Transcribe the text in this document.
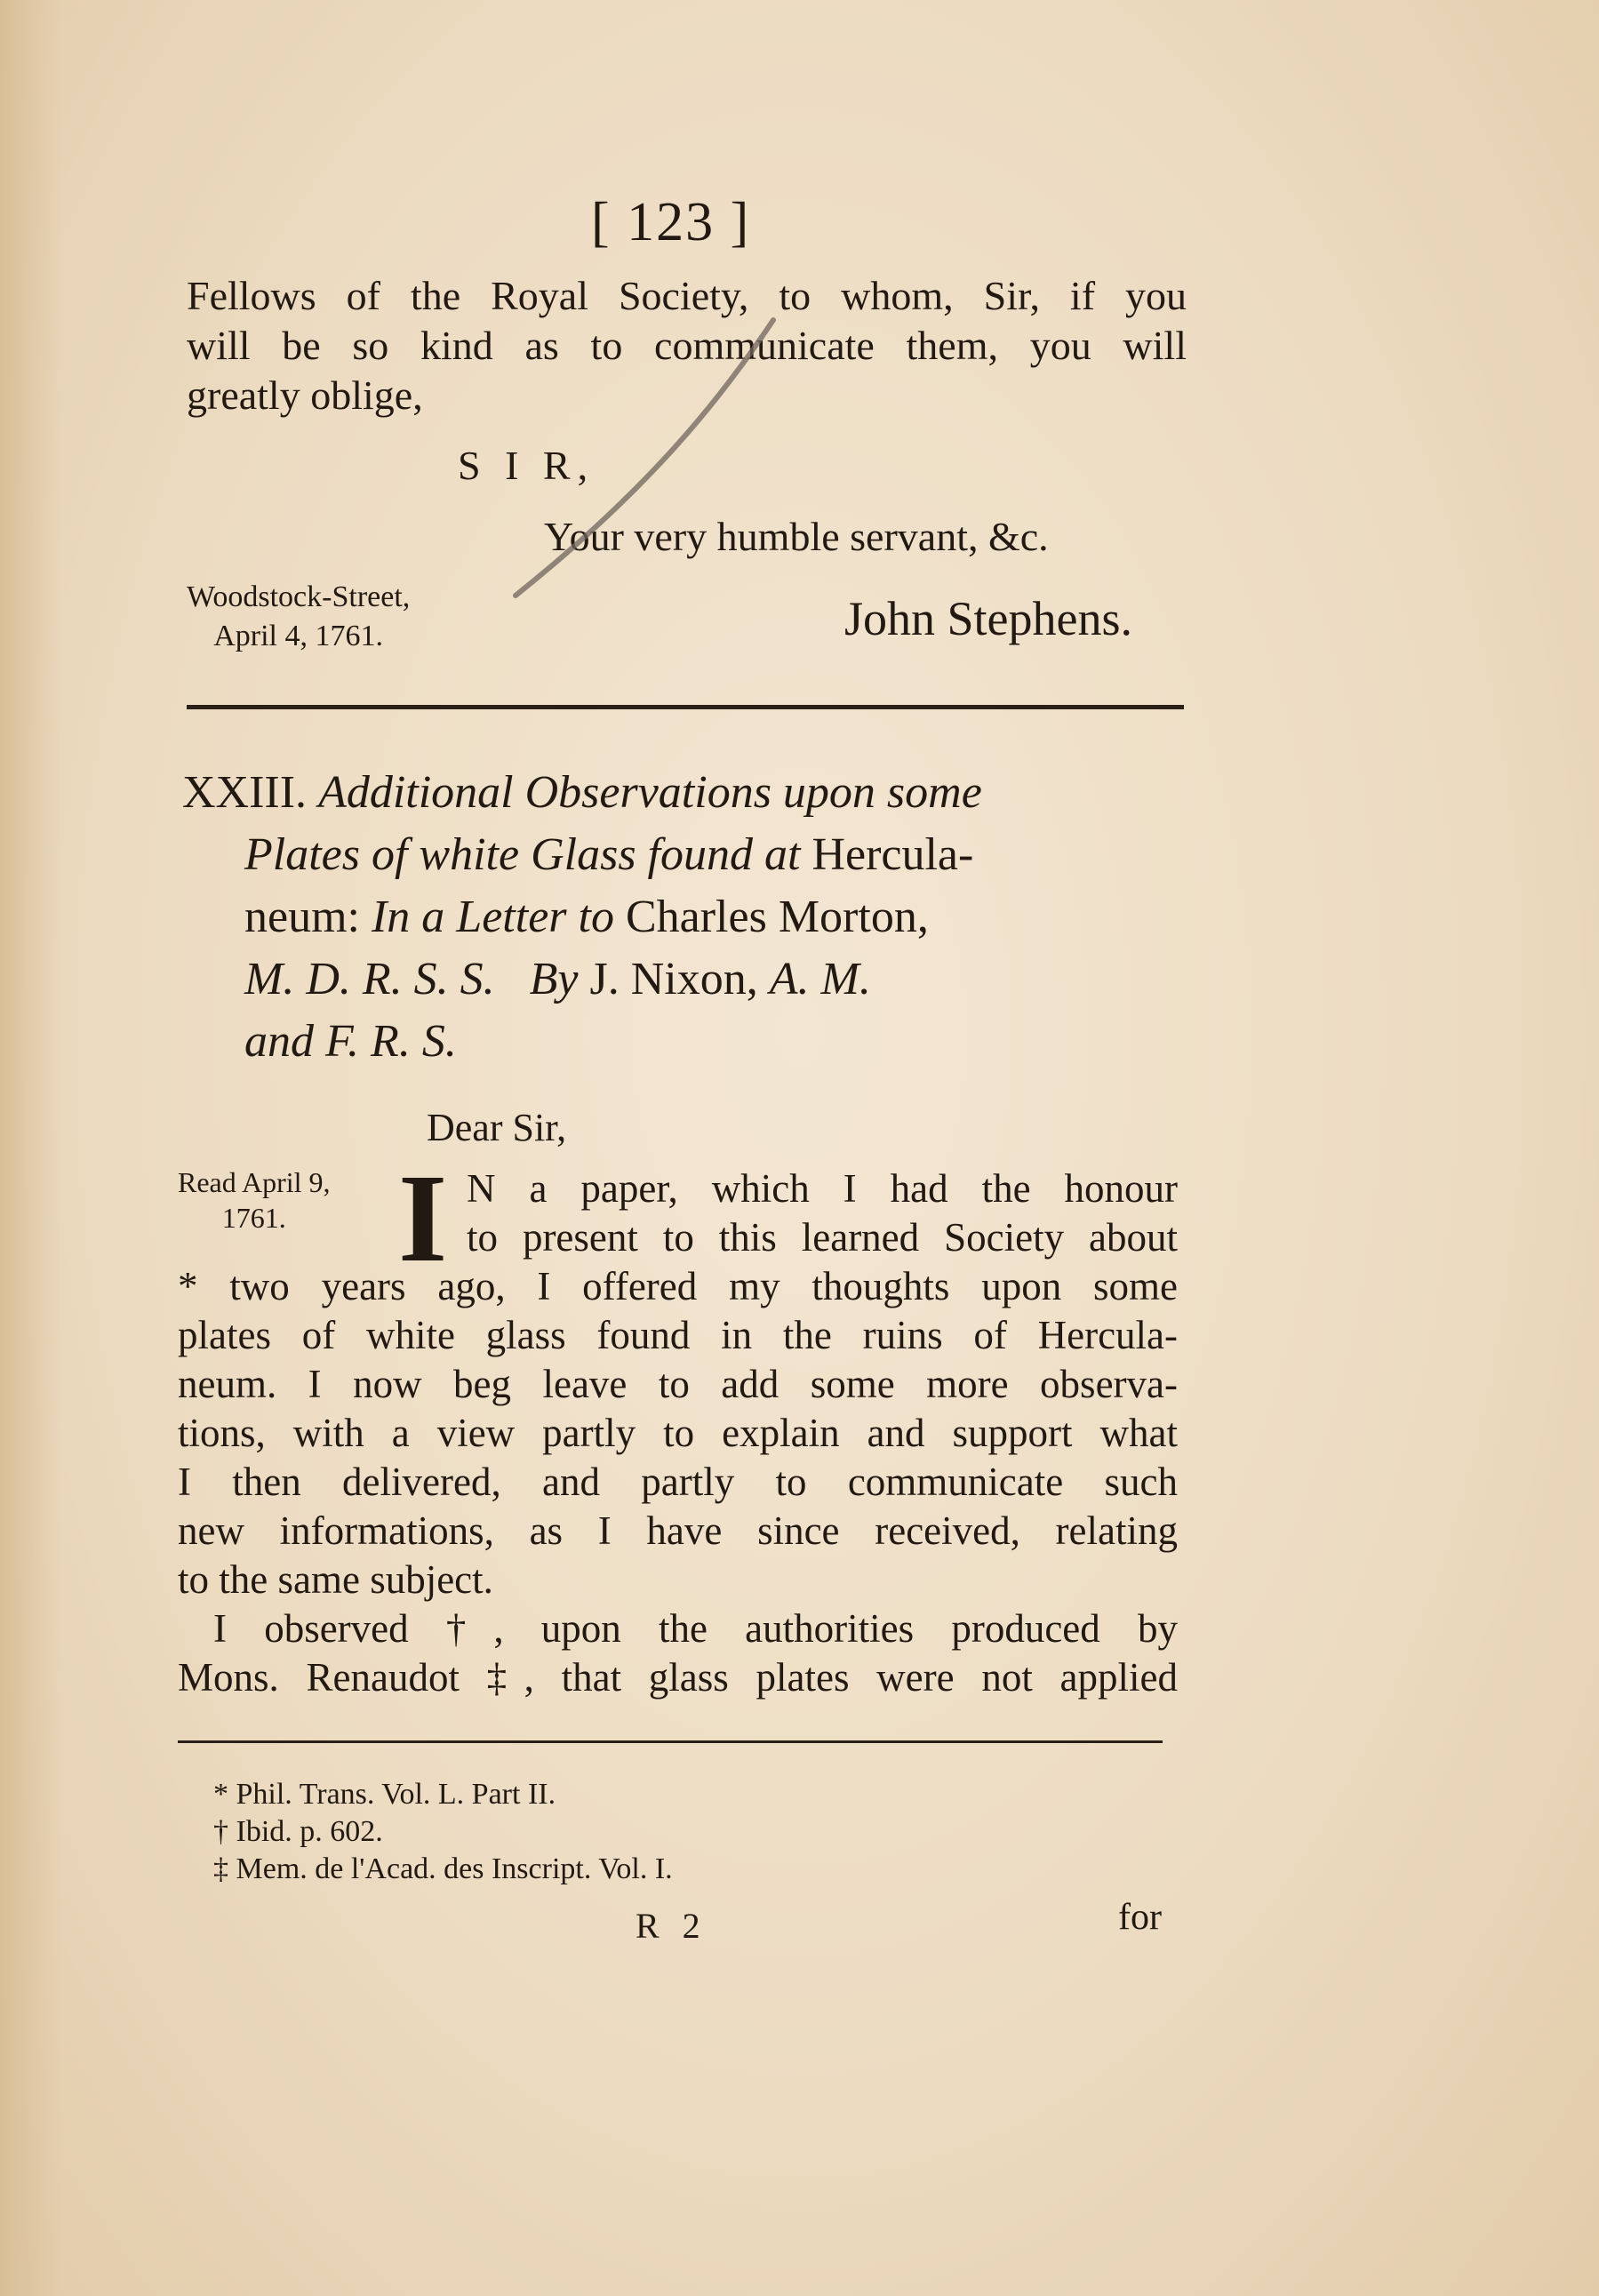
[ 123 ]
Fellows of the Royal Society, to whom, Sir, if you
will be so kind as to communicate them, you will
greatly oblige,
S I R,
Your very humble servant, &c.
Woodstock-Street,
April 4, 1761.	John Stephens.
XXIII. Additional Observations upon some
Plates of white Glass found at Hercula-
neum: In a Letter to Charles Morton,
M. D. R. S. S. By J. Nixon, A. M.
and F. R. S.
Dear Sir,
Read April 9,
1761. I N a paper, which I had the honour
to present to this learned Society about
* two years ago, I offered my thoughts upon some
plates of white glass found in the ruins of Hercula-
neum. I now beg leave to add some more observa-
tions, with a view partly to explain and support what
I then delivered, and partly to communicate such
new informations, as I have since received, relating
to the same subject.
I observed †, upon the authorities produced by
Mons. Renaudot ‡, that glass plates were not applied
* Phil. Trans. Vol. L. Part II.
† Ibid. p. 602.
‡ Mem. de l'Acad. des Inscript. Vol. I.
R 2	for
